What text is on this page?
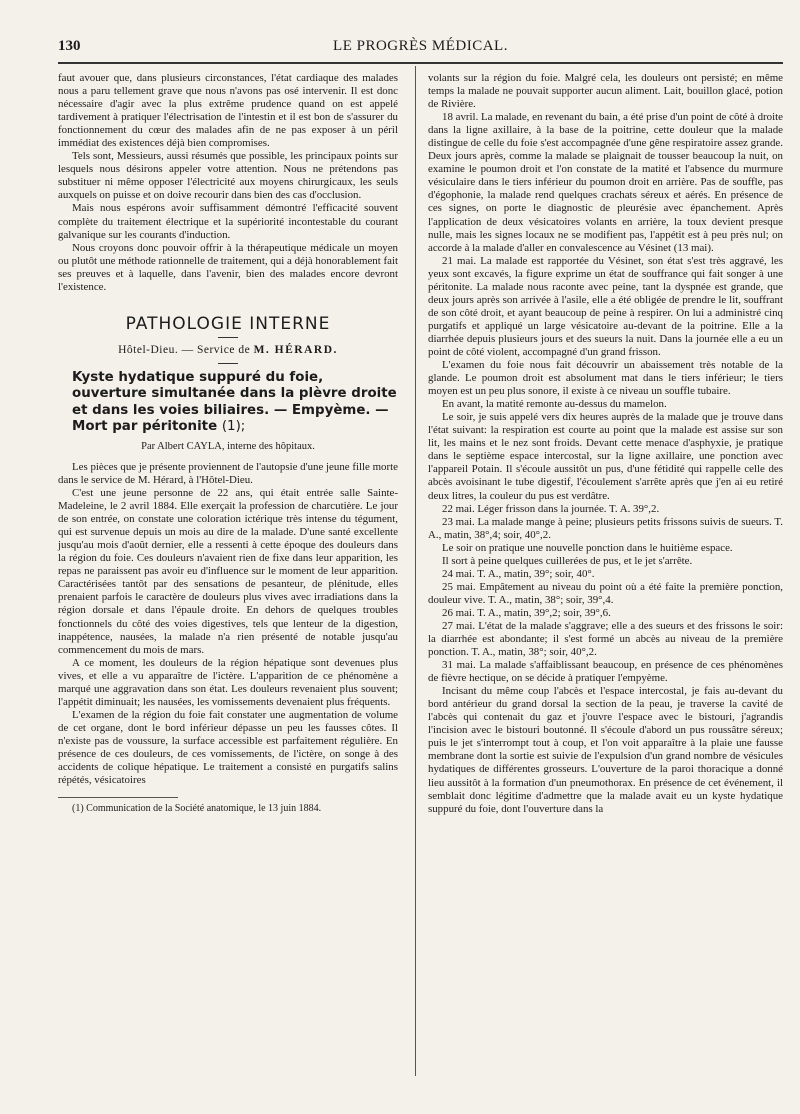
130	LE PROGRÈS MÉDICAL.

faut avouer que, dans plusieurs circonstances, l'état cardiaque des malades nous a paru tellement grave que nous n'avons pas osé intervenir. Il est donc nécessaire d'agir avec la plus extrême prudence quand on est appelé tardivement à pratiquer l'électrisation de l'intestin et il est bon de s'assurer du fonctionnement du cœur des malades afin de ne pas exposer à un péril immédiat des existences déjà bien compromises.

Tels sont, Messieurs, aussi résumés que possible, les principaux points sur lesquels nous désirons appeler votre attention. Nous ne prétendons pas substituer ni même opposer l'électricité aux moyens chirurgicaux, les seuls auxquels on puisse et on doive recourir dans bien des cas d'occlusion.

Mais nous espérons avoir suffisamment démontré l'efficacité souvent complète du traitement électrique et la supériorité incontestable du courant galvanique sur les courants d'induction.

Nous croyons donc pouvoir offrir à la thérapeutique médicale un moyen ou plutôt une méthode rationnelle de traitement, qui a déjà honorablement fait ses preuves et à laquelle, dans l'avenir, bien des malades encore devront l'existence.

PATHOLOGIE INTERNE
Hôtel-Dieu. — Service de M. HÉRARD.
Kyste hydatique suppuré du foie, ouverture simultanée dans la plèvre droite et dans les voies biliaires. — Empyème. — Mort par péritonite (1);
Par Albert CAYLA, interne des hôpitaux.

Les pièces que je présente proviennent de l'autopsie d'une jeune fille morte dans le service de M. Hérard, à l'Hôtel-Dieu.

C'est une jeune personne de 22 ans, qui était entrée salle Sainte-Madeleine, le 2 avril 1884. Elle exerçait la profession de charcutière. Le jour de son entrée, on constate une coloration ictérique très intense du tégument, qui est survenue depuis un mois au dire de la malade. D'une santé excellente jusqu'au mois d'août dernier, elle a ressenti à cette époque des douleurs dans la région du foie. Ces douleurs n'avaient rien de fixe dans leur apparition, les repas ne paraissent pas avoir eu d'influence sur le moment de leur apparition. Caractérisées tantôt par des sensations de pesanteur, de plénitude, elles prenaient parfois le caractère de douleurs plus vives avec irradiations dans la région dorsale et dans l'épaule droite. En dehors de quelques troubles fonctionnels du côté des voies digestives, tels que lenteur de la digestion, inappétence, nausées, la malade n'a rien présenté de notable jusqu'au commencement du mois de mars.

A ce moment, les douleurs de la région hépatique sont devenues plus vives, et elle a vu apparaître de l'ictère. L'apparition de ce phénomène a marqué une aggravation dans son état. Les douleurs revenaient plus souvent; l'appétit diminuait; les nausées, les vomissements devenaient plus fréquents.

L'examen de la région du foie fait constater une augmentation de volume de cet organe, dont le bord inférieur dépasse un peu les fausses côtes. Il n'existe pas de voussure, la surface accessible est parfaitement régulière. En présence de ces douleurs, de ces vomissements, de l'ictère, on songe à des accidents de colique hépatique. Le traitement a consisté en purgatifs salins répétés, vésicatoires

(1) Communication de la Société anatomique, le 13 juin 1884.

volants sur la région du foie. Malgré cela, les douleurs ont persisté; en même temps la malade ne pouvait supporter aucun aliment. Lait, bouillon glacé, potion de Rivière.

18 avril. La malade, en revenant du bain, a été prise d'un point de côté à droite dans la ligne axillaire, à la base de la poitrine, cette douleur que la malade distingue de celle du foie s'est accompagnée d'une gêne respiratoire assez grande. Deux jours après, comme la malade se plaignait de tousser beaucoup la nuit, on examine le poumon droit et l'on constate de la matité et l'absence du murmure vésiculaire dans le tiers inférieur du poumon droit en arrière. Pas de souffle, pas d'égophonie, la malade rend quelques crachats séreux et aérés. En présence de ces signes, on porte le diagnostic de pleurésie avec épanchement. Après l'application de deux vésicatoires volants en arrière, la toux devient presque nulle, mais les signes locaux ne se modifient pas, l'appétit est à peu près nul; on accorde à la malade d'aller en convalescence au Vésinet (13 mai).

21 mai. La malade est rapportée du Vésinet, son état s'est très aggravé, les yeux sont excavés, la figure exprime un état de souffrance qui fait songer à une péritonite. La malade nous raconte avec peine, tant la dyspnée est grande, que deux jours après son arrivée à l'asile, elle a été obligée de prendre le lit, souffrant de son côté droit, et ayant beaucoup de peine à respirer. On lui a administré cinq purgatifs et appliqué un large vésicatoire au-devant de la poitrine. Elle a la diarrhée depuis plusieurs jours et des sueurs la nuit. Dans la journée elle a eu un point de côté violent, accompagné d'un grand frisson.

L'examen du foie nous fait découvrir un abaissement très notable de la glande. Le poumon droit est absolument mat dans le tiers inférieur; le tiers moyen est un peu plus sonore, il existe à ce niveau un souffle tubaire.

En avant, la matité remonte au-dessus du mamelon.

Le soir, je suis appelé vers dix heures auprès de la malade que je trouve dans l'état suivant: la respiration est courte au point que la malade est assise sur son lit, les mains et le nez sont froids. Devant cette menace d'asphyxie, je pratique dans le septième espace intercostal, sur la ligne axillaire, une ponction avec l'appareil Potain. Il s'écoule aussitôt un pus, d'une fétidité qui rappelle celle des abcès avoisinant le tube digestif, l'écoulement s'arrête après que j'en ai eu retiré deux litres, la couleur du pus est verdâtre.

22 mai. Léger frisson dans la journée. T. A. 39°,2.

23 mai. La malade mange à peine; plusieurs petits frissons suivis de sueurs. T. A., matin, 38°,4; soir, 40°,2.

Le soir on pratique une nouvelle ponction dans le huitième espace.

Il sort à peine quelques cuillerées de pus, et le jet s'arrête.

24 mai. T. A., matin, 39°; soir, 40°.

25 mai. Empâtement au niveau du point où a été faite la première ponction, douleur vive. T. A., matin, 38°; soir, 39°,4.

26 mai. T. A., matin, 39°,2; soir, 39°,6.

27 mai. L'état de la malade s'aggrave; elle a des sueurs et des frissons le soir: la diarrhée est abondante; il s'est formé un abcès au niveau de la première ponction. T. A., matin, 38°; soir, 40°,2.

31 mai. La malade s'affaiblissant beaucoup, en présence de ces phénomènes de fièvre hectique, on se décide à pratiquer l'empyème.

Incisant du même coup l'abcès et l'espace intercostal, je fais au-devant du bord antérieur du grand dorsal la section de la peau, je traverse la cavité de l'abcès qui contenait du gaz et j'ouvre l'espace avec le bistouri, j'agrandis l'incision avec le bistouri boutonné. Il s'écoule d'abord un pus roussâtre séreux; puis le jet s'interrompt tout à coup, et l'on voit apparaître à la plaie une fausse membrane dont la sortie est suivie de l'expulsion d'un grand nombre de vésicules hydatiques de différentes grosseurs. L'ouverture de la paroi thoracique a donné lieu aussitôt à la formation d'un pneumothorax. En présence de cet événement, il semblait donc légitime d'admettre que la malade avait eu un kyste hydatique suppuré du foie, dont l'ouverture dans la
